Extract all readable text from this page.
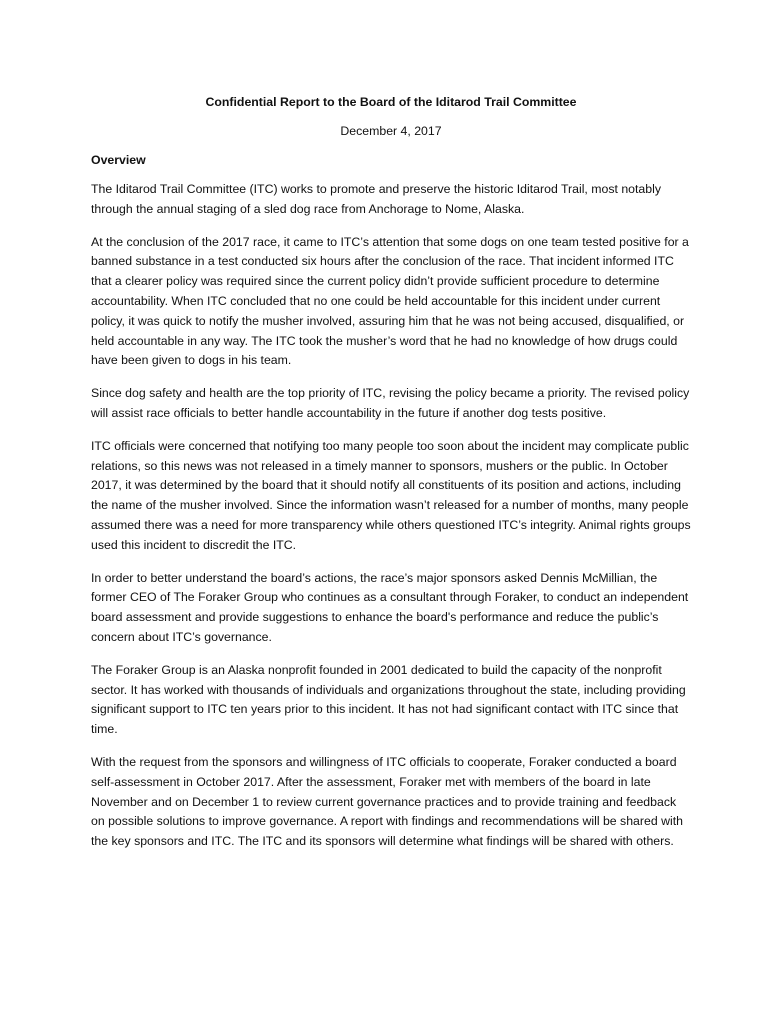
Confidential Report to the Board of the Iditarod Trail Committee

December 4, 2017

Overview

The Iditarod Trail Committee (ITC) works to promote and preserve the historic Iditarod Trail, most notably through the annual staging of a sled dog race from Anchorage to Nome, Alaska.

At the conclusion of the 2017 race, it came to ITC’s attention that some dogs on one team tested positive for a banned substance in a test conducted six hours after the conclusion of the race. That incident informed ITC that a clearer policy was required since the current policy didn’t provide sufficient procedure to determine accountability. When ITC concluded that no one could be held accountable for this incident under current policy, it was quick to notify the musher involved, assuring him that he was not being accused, disqualified, or held accountable in any way. The ITC took the musher’s word that he had no knowledge of how drugs could have been given to dogs in his team.

Since dog safety and health are the top priority of ITC, revising the policy became a priority. The revised policy will assist race officials to better handle accountability in the future if another dog tests positive.

ITC officials were concerned that notifying too many people too soon about the incident may complicate public relations, so this news was not released in a timely manner to sponsors, mushers or the public. In October 2017, it was determined by the board that it should notify all constituents of its position and actions, including the name of the musher involved. Since the information wasn’t released for a number of months, many people assumed there was a need for more transparency while others questioned ITC’s integrity. Animal rights groups used this incident to discredit the ITC.

In order to better understand the board’s actions, the race’s major sponsors asked Dennis McMillian, the former CEO of The Foraker Group who continues as a consultant through Foraker, to conduct an independent board assessment and provide suggestions to enhance the board's performance and reduce the public’s concern about ITC’s governance.

The Foraker Group is an Alaska nonprofit founded in 2001 dedicated to build the capacity of the nonprofit sector. It has worked with thousands of individuals and organizations throughout the state, including providing significant support to ITC ten years prior to this incident. It has not had significant contact with ITC since that time.

With the request from the sponsors and willingness of ITC officials to cooperate, Foraker conducted a board self-assessment in October 2017. After the assessment, Foraker met with members of the board in late November and on December 1 to review current governance practices and to provide training and feedback on possible solutions to improve governance. A report with findings and recommendations will be shared with the key sponsors and ITC. The ITC and its sponsors will determine what findings will be shared with others.
